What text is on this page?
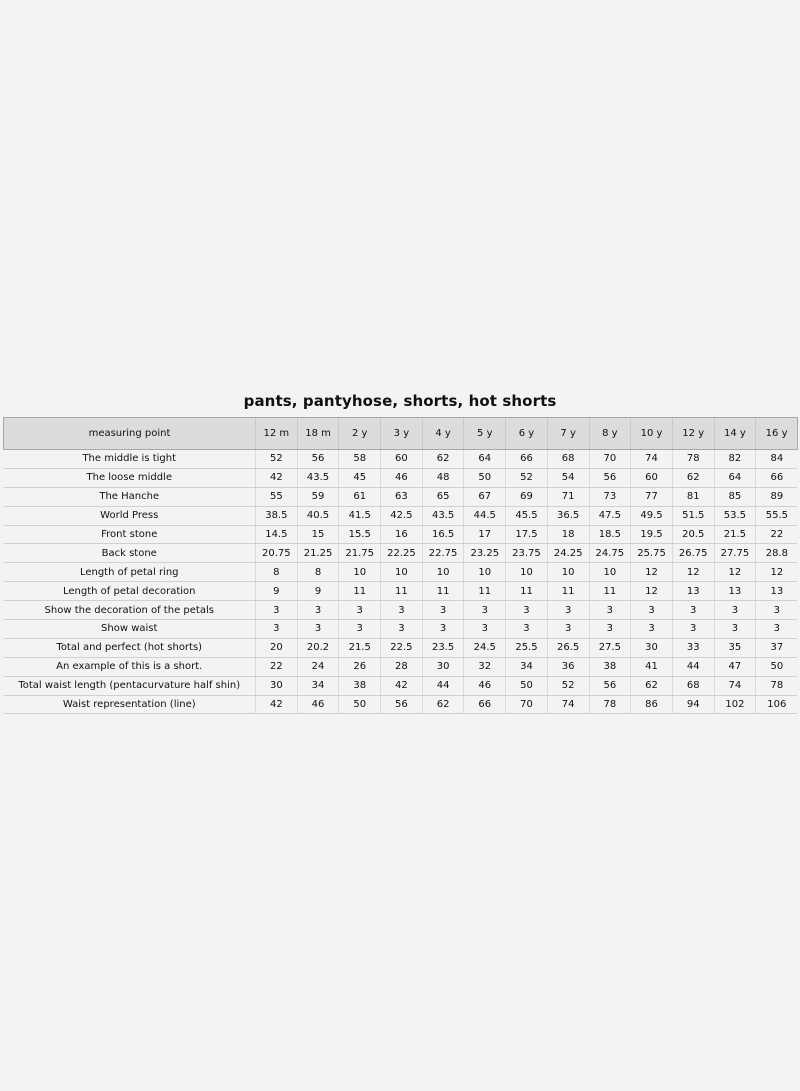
pants, pantyhose, shorts, hot shorts
measuring point	12 m	18 m	2 y	3 y	4 y	5 y	6 y	7 y	8 y	10 y	12 y	14 y	16 y
The middle is tight	52	56	58	60	62	64	66	68	70	74	78	82	84
The loose middle	42	43.5	45	46	48	50	52	54	56	60	62	64	66
The Hanche	55	59	61	63	65	67	69	71	73	77	81	85	89
World Press	38.5	40.5	41.5	42.5	43.5	44.5	45.5	36.5	47.5	49.5	51.5	53.5	55.5
Front stone	14.5	15	15.5	16	16.5	17	17.5	18	18.5	19.5	20.5	21.5	22
Back stone	20.75	21.25	21.75	22.25	22.75	23.25	23.75	24.25	24.75	25.75	26.75	27.75	28.8
Length of petal ring	8	8	10	10	10	10	10	10	10	12	12	12	12
Length of petal decoration	9	9	11	11	11	11	11	11	11	12	13	13	13
Show the decoration of the petals	3	3	3	3	3	3	3	3	3	3	3	3	3
Show waist	3	3	3	3	3	3	3	3	3	3	3	3	3
Total and perfect (hot shorts)	20	20.2	21.5	22.5	23.5	24.5	25.5	26.5	27.5	30	33	35	37
An example of this is a short.	22	24	26	28	30	32	34	36	38	41	44	47	50
Total waist length (pentacurvature half shin)	30	34	38	42	44	46	50	52	56	62	68	74	78
Waist representation (line)	42	46	50	56	62	66	70	74	78	86	94	102	106
